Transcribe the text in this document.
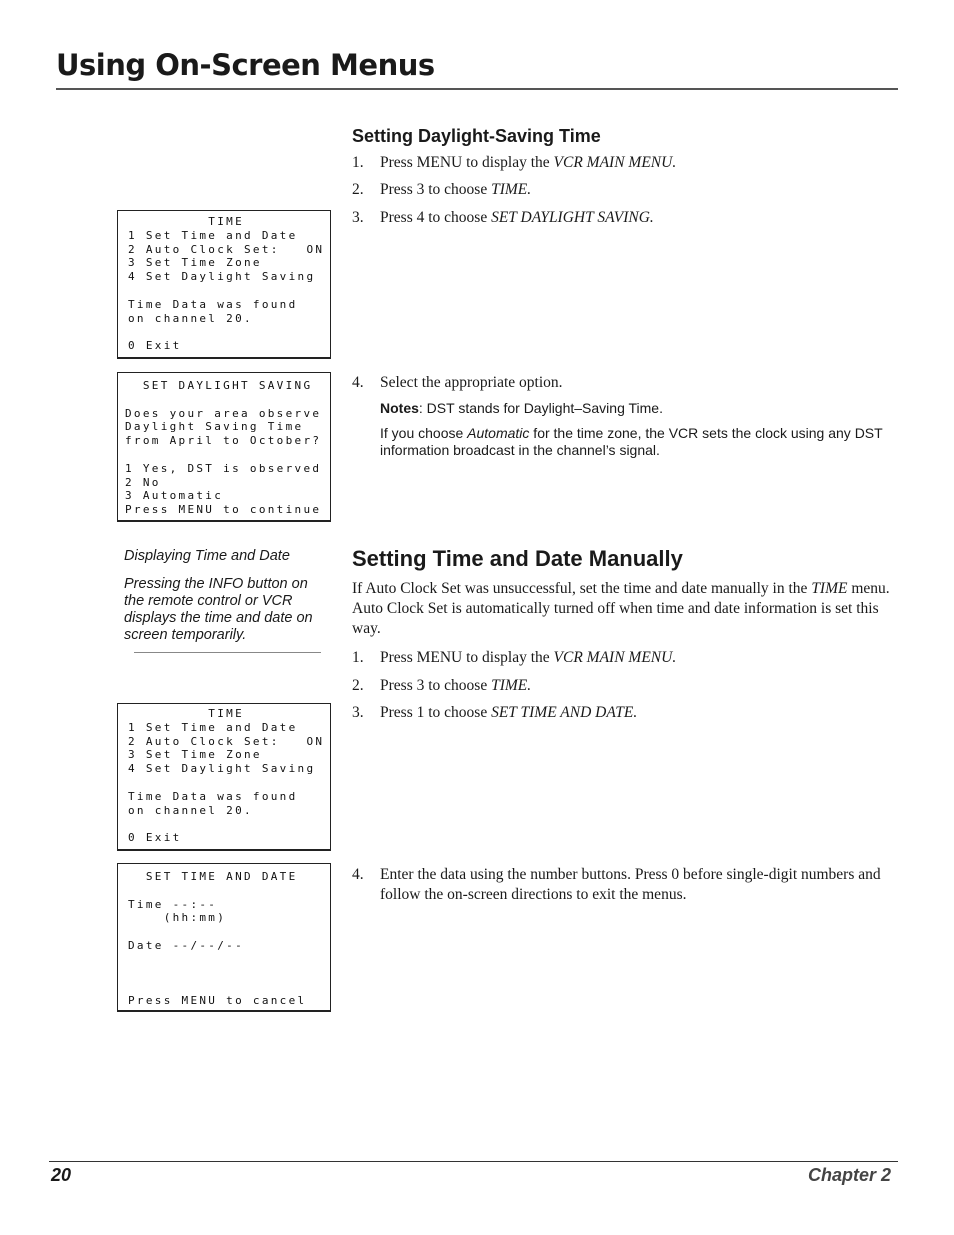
Using On-Screen Menus
Setting Daylight-Saving Time
1. Press MENU to display the VCR MAIN MENU.
2. Press 3 to choose TIME.
3. Press 4 to choose SET DAYLIGHT SAVING.
TIME
1 Set Time and Date
2 Auto Clock Set:   ON
3 Set Time Zone
4 Set Daylight Saving
Time Data was found
on channel 20.
0 Exit
SET DAYLIGHT SAVING
Does your area observe
Daylight Saving Time
from April to October?
1 Yes, DST is observed
2 No
3 Automatic
Press MENU to continue
4. Select the appropriate option.
Notes: DST stands for Daylight–Saving Time.
If you choose Automatic for the time zone, the VCR sets the clock using any DST information broadcast in the channel’s signal.
Displaying Time and Date
Pressing the INFO button on the remote control or VCR displays the time and date on screen temporarily.
Setting Time and Date Manually
If Auto Clock Set was unsuccessful, set the time and date manually in the TIME menu. Auto Clock Set is automatically turned off when time and date information is set this way.
1. Press MENU to display the VCR MAIN MENU.
2. Press 3 to choose TIME.
3. Press 1 to choose SET TIME AND DATE.
TIME
1 Set Time and Date
2 Auto Clock Set:   ON
3 Set Time Zone
4 Set Daylight Saving
Time Data was found
on channel 20.
0 Exit
SET TIME AND DATE
Time --:--
(hh:mm)
Date --/--/--
Press MENU to cancel
4. Enter the data using the number buttons. Press 0 before single-digit numbers and follow the on-screen directions to exit the menus.
20	Chapter 2
